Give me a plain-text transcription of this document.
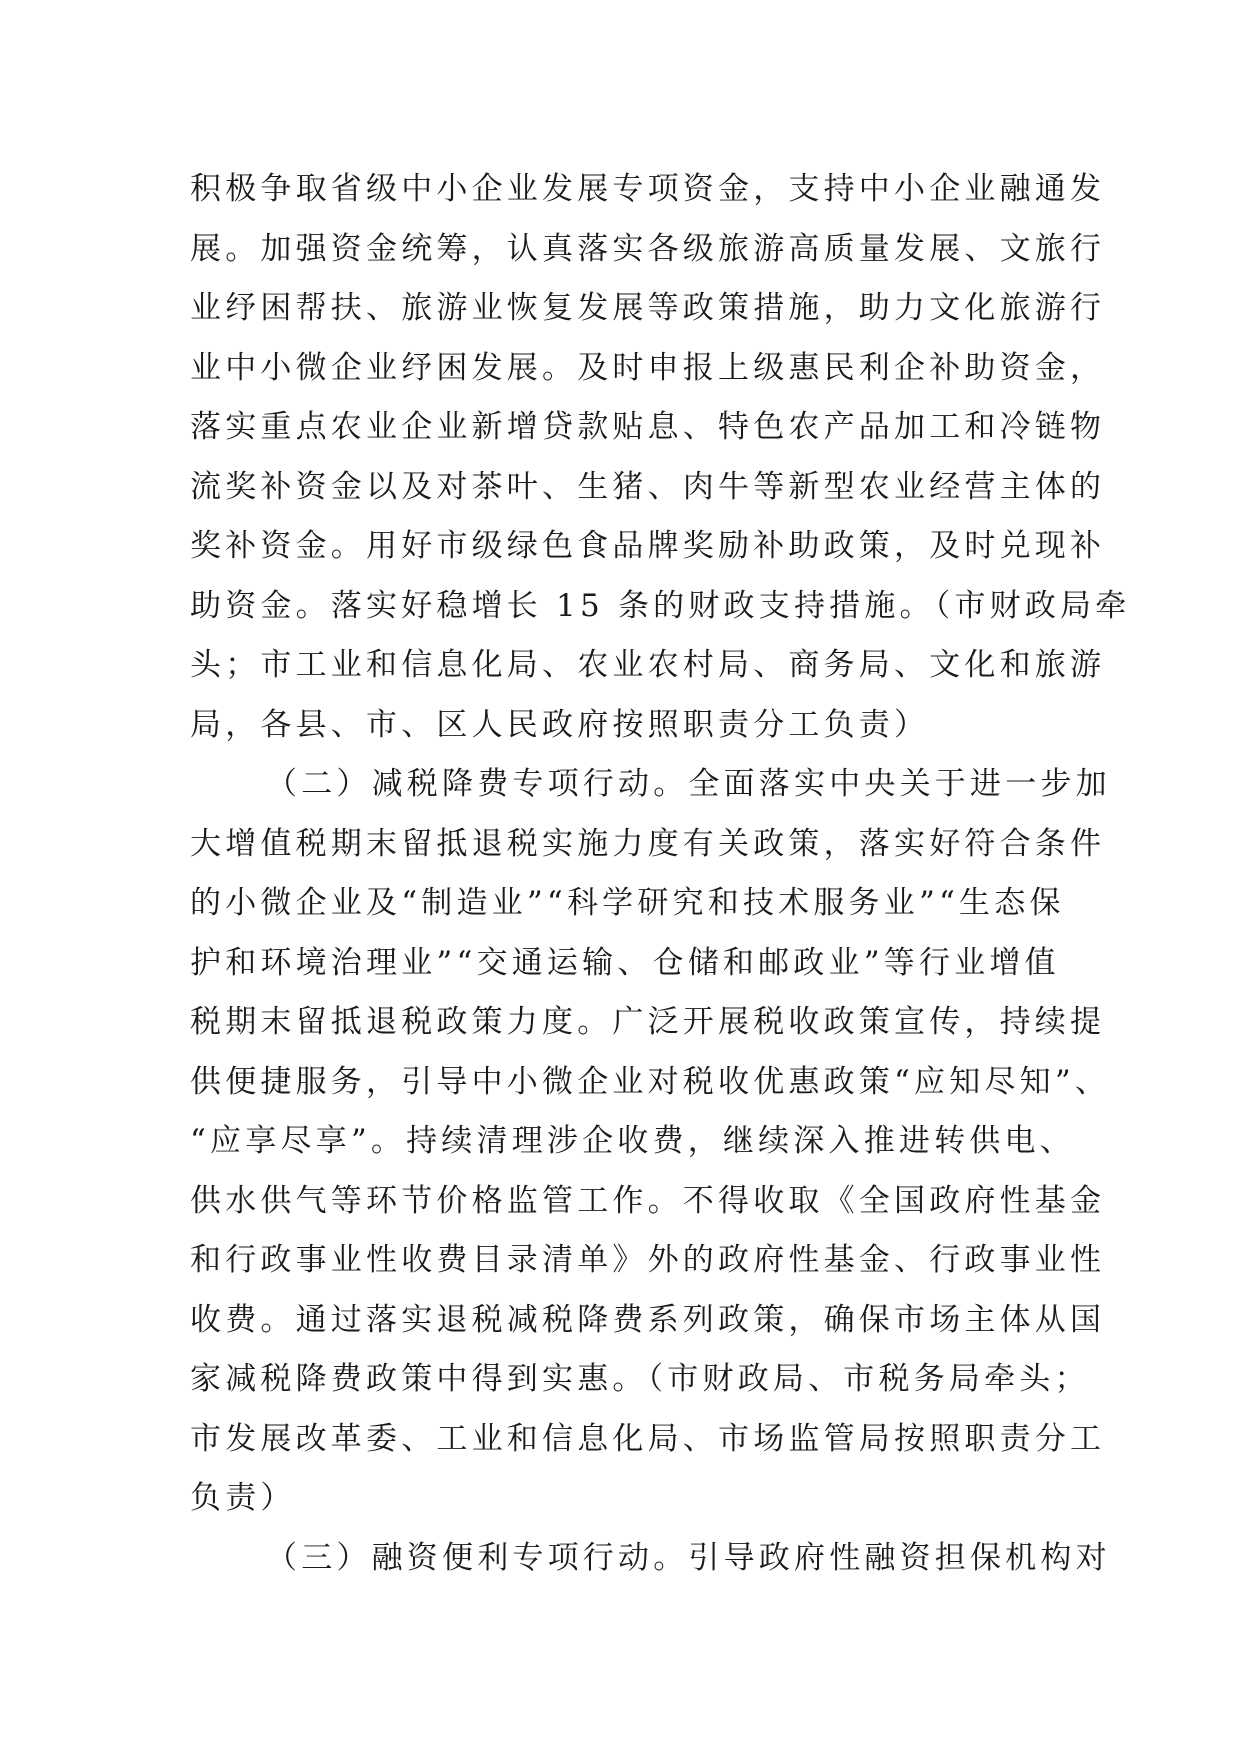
积极争取省级中小企业发展专项资金，支持中小企业融通发
展。加强资金统筹，认真落实各级旅游高质量发展、文旅行
业纾困帮扶、旅游业恢复发展等政策措施，助力文化旅游行
业中小微企业纾困发展。及时申报上级惠民利企补助资金，
落实重点农业企业新增贷款贴息、特色农产品加工和冷链物
流奖补资金以及对茶叶、生猪、肉牛等新型农业经营主体的
奖补资金。用好市级绿色食品牌奖励补助政策，及时兑现补
助资金。落实好稳增长 15 条的财政支持措施。（市财政局牵
头；市工业和信息化局、农业农村局、商务局、文化和旅游
局，各县、市、区人民政府按照职责分工负责）
（二）减税降费专项行动。全面落实中央关于进一步加
大增值税期末留抵退税实施力度有关政策，落实好符合条件
的小微企业及“制造业”“科学研究和技术服务业”“生态保
护和环境治理业”“交通运输、仓储和邮政业”等行业增值
税期末留抵退税政策力度。广泛开展税收政策宣传，持续提
供便捷服务，引导中小微企业对税收优惠政策“应知尽知”、
“应享尽享”。持续清理涉企收费，继续深入推进转供电、
供水供气等环节价格监管工作。不得收取《全国政府性基金
和行政事业性收费目录清单》外的政府性基金、行政事业性
收费。通过落实退税减税降费系列政策，确保市场主体从国
家减税降费政策中得到实惠。（市财政局、市税务局牵头；
市发展改革委、工业和信息化局、市场监管局按照职责分工
负责）
（三）融资便利专项行动。引导政府性融资担保机构对
